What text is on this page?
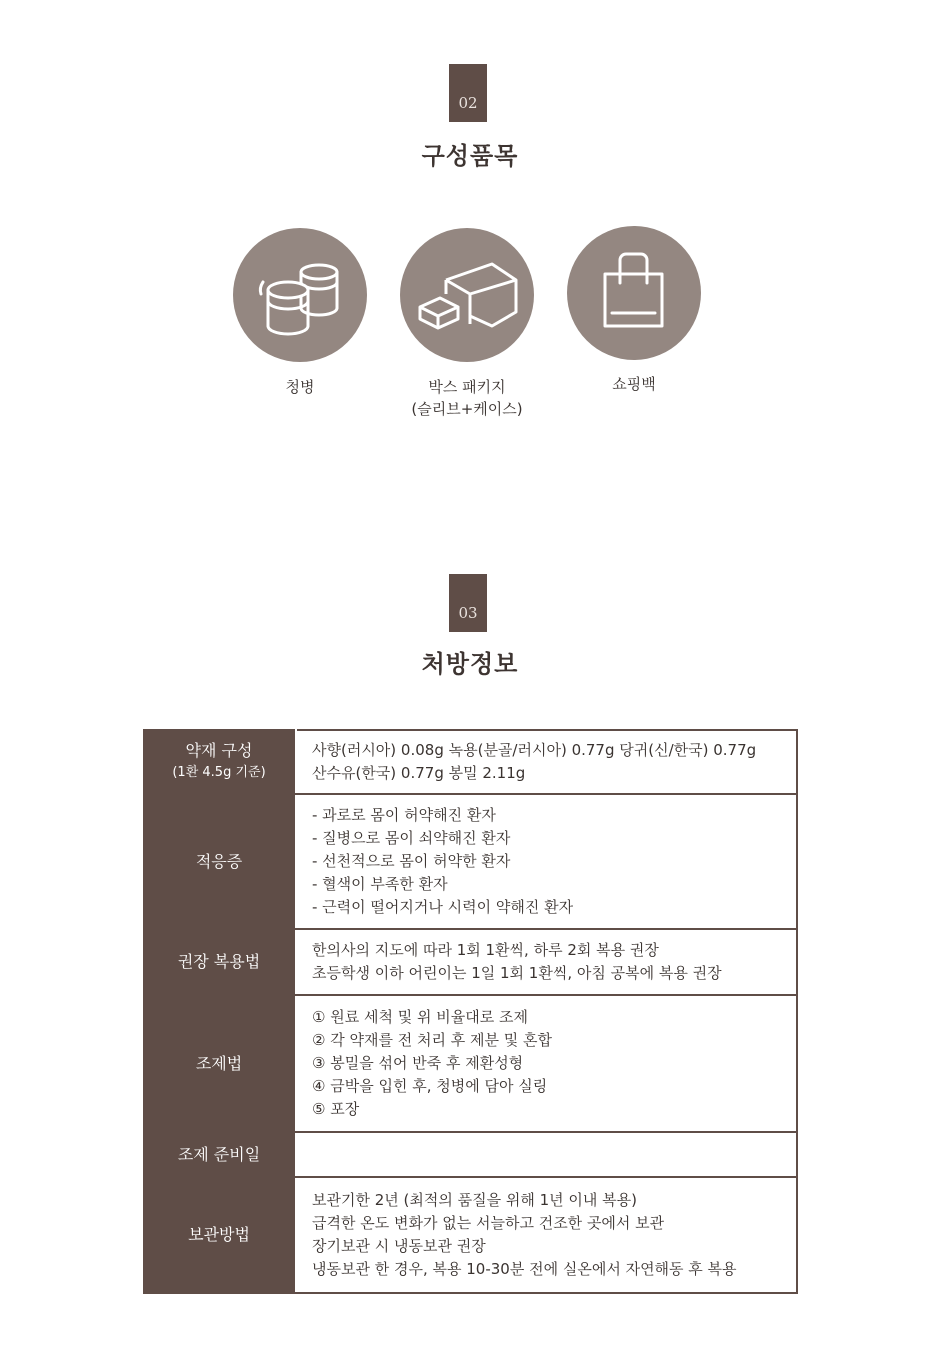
02
구성품목
청병	박스 패키지
(슬리브+케이스)
쇼핑백
03
처방정보
약재 구성
(1환 4.5g 기준)	사향(러시아) 0.08g 녹용(분골/러시아) 0.77g 당귀(신/한국) 0.77g
산수유(한국) 0.77g 봉밀 2.11g

적응증	- 과로로 몸이 허약해진 환자
- 질병으로 몸이 쇠약해진 환자
- 선천적으로 몸이 허약한 환자
- 혈색이 부족한 환자
- 근력이 떨어지거나 시력이 약해진 환자

권장 복용법	한의사의 지도에 따라 1회 1환씩, 하루 2회 복용 권장
초등학생 이하 어린이는 1일 1회 1환씩, 아침 공복에 복용 권장

조제법	① 원료 세척 및 위 비율대로 조제
② 각 약재를 전 처리 후 제분 및 혼합
③ 봉밀을 섞어 반죽 후 제환성형
④ 금박을 입힌 후, 청병에 담아 실링
⑤ 포장

조제 준비일	

보관방법	보관기한 2년 (최적의 품질을 위해 1년 이내 복용)
급격한 온도 변화가 없는 서늘하고 건조한 곳에서 보관
장기보관 시 냉동보관 권장
냉동보관 한 경우, 복용 10-30분 전에 실온에서 자연해동 후 복용
